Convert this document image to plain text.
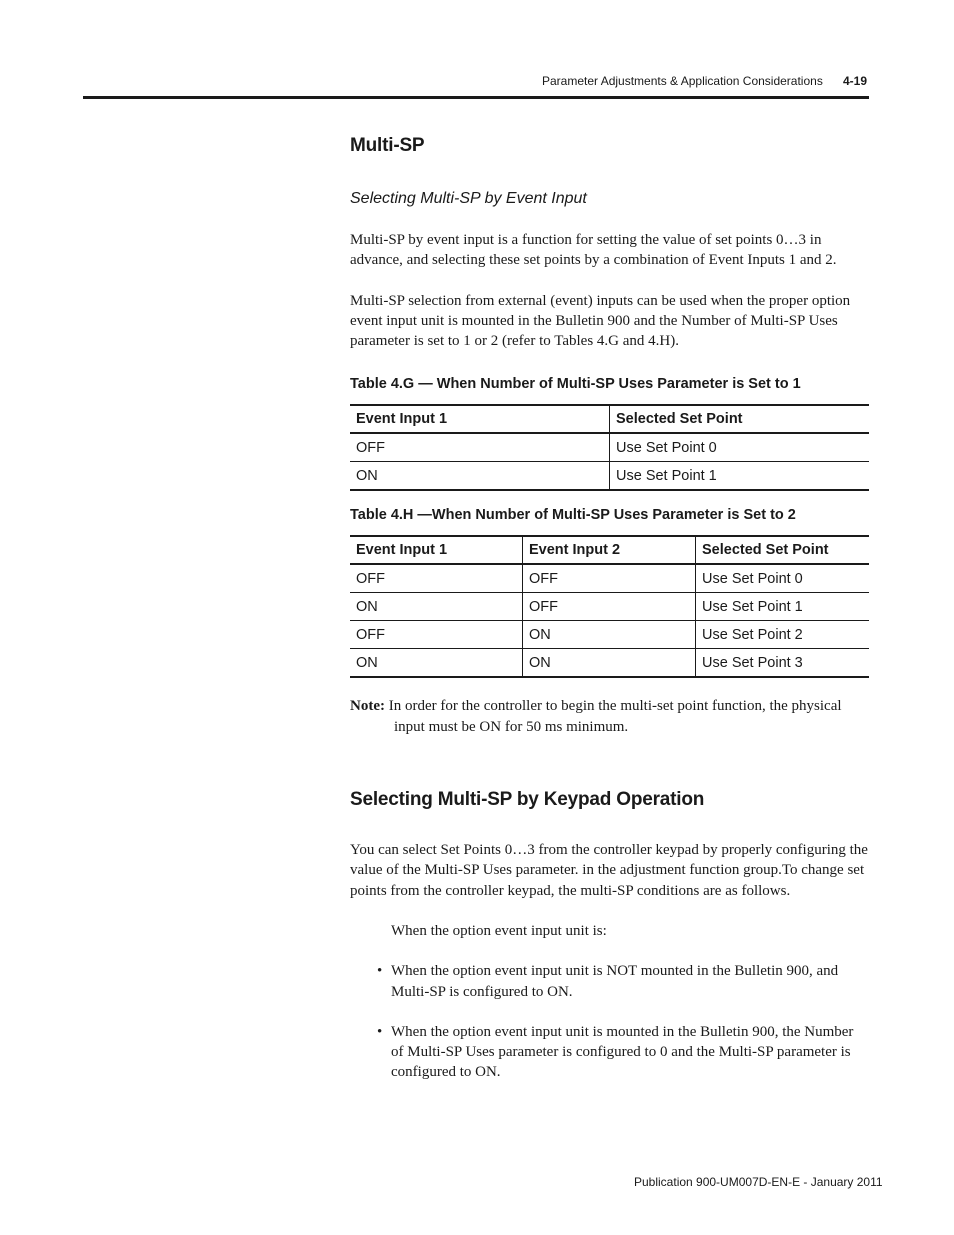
Parameter Adjustments & Application Considerations 4-19
Multi-SP

Selecting Multi-SP by Event Input

Multi-SP by event input is a function for setting the value of set points 0…3 in advance, and selecting these set points by a combination of Event Inputs 1 and 2.

Multi-SP selection from external (event) inputs can be used when the proper option event input unit is mounted in the Bulletin 900 and the Number of Multi-SP Uses parameter is set to 1 or 2 (refer to Tables 4.G and 4.H).

Table 4.G — When Number of Multi-SP Uses Parameter is Set to 1

Event Input 1	Selected Set Point
OFF	Use Set Point 0
ON	Use Set Point 1

Table 4.H —When Number of Multi-SP Uses Parameter is Set to 2

Event Input 1	Event Input 2	Selected Set Point
OFF	OFF	Use Set Point 0
ON	OFF	Use Set Point 1
OFF	ON	Use Set Point 2
ON	ON	Use Set Point 3

Note: In order for the controller to begin the multi-set point function, the physical input must be ON for 50 ms minimum.

Selecting Multi-SP by Keypad Operation

You can select Set Points 0…3 from the controller keypad by properly configuring the value of the Multi-SP Uses parameter. in the adjustment function group.To change set points from the controller keypad, the multi-SP conditions are as follows.

When the option event input unit is:

• When the option event input unit is NOT mounted in the Bulletin 900, and Multi-SP is configured to ON.
• When the option event input unit is mounted in the Bulletin 900, the Number of Multi-SP Uses parameter is configured to 0 and the Multi-SP parameter is configured to ON.
Publication 900-UM007D-EN-E - January 2011
